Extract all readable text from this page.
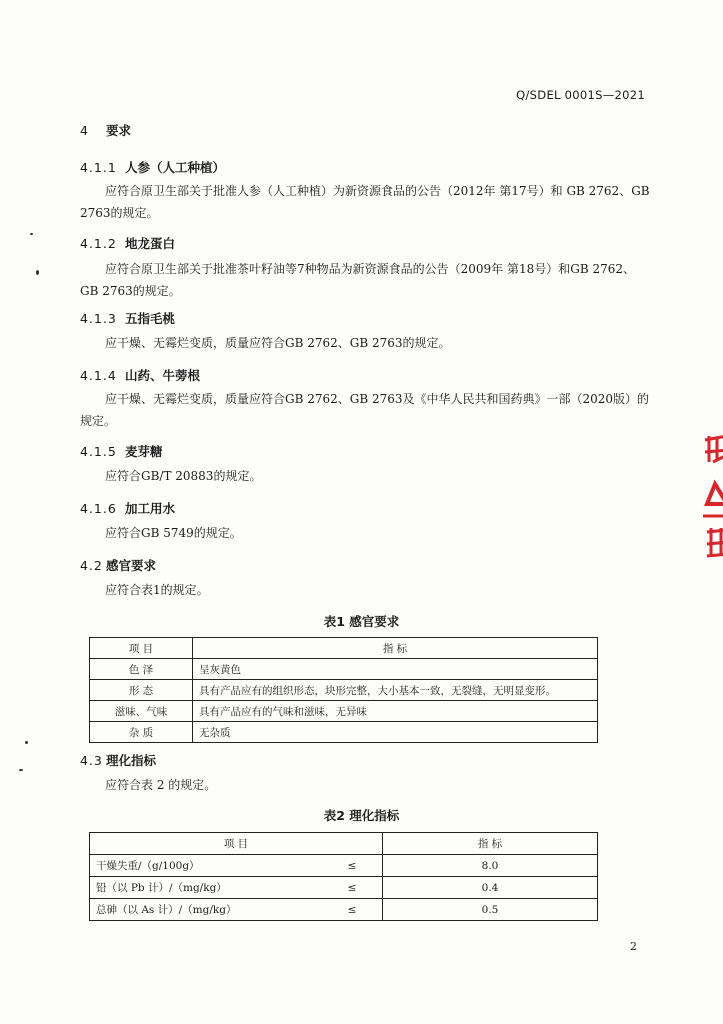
Q/SDEL 0001S—2021
4 要求
4.1.1 人参（人工种植）
应符合原卫生部关于批准人参（人工种植）为新资源食品的公告（2012年 第17号）和 GB 2762、GB 2763的规定。
4.1.2 地龙蛋白
应符合原卫生部关于批准茶叶籽油等7种物品为新资源食品的公告（2009年 第18号）和GB 2762、GB 2763的规定。
4.1.3 五指毛桃
应干燥、无霉烂变质，质量应符合GB 2762、GB 2763的规定。
4.1.4 山药、牛蒡根
应干燥、无霉烂变质，质量应符合GB 2762、GB 2763及《中华人民共和国药典》一部（2020版）的规定。
4.1.5 麦芽糖
应符合GB/T 20883的规定。
4.1.6 加工用水
应符合GB 5749的规定。
4.2 感官要求
应符合表1的规定。
表1 感官要求
项 目	指 标
色 泽	呈灰黄色
形 态	具有产品应有的组织形态，块形完整，大小基本一致，无裂缝，无明显变形。
滋味、气味	具有产品应有的气味和滋味，无异味
杂 质	无杂质
4.3 理化指标
应符合表 2 的规定。
表2 理化指标
项 目		指 标
干燥失重/（g/100g）	≤	8.0
铅（以 Pb 计）/（mg/kg）	≤	0.4
总砷（以 As 计）/（mg/kg）	≤	0.5
2
